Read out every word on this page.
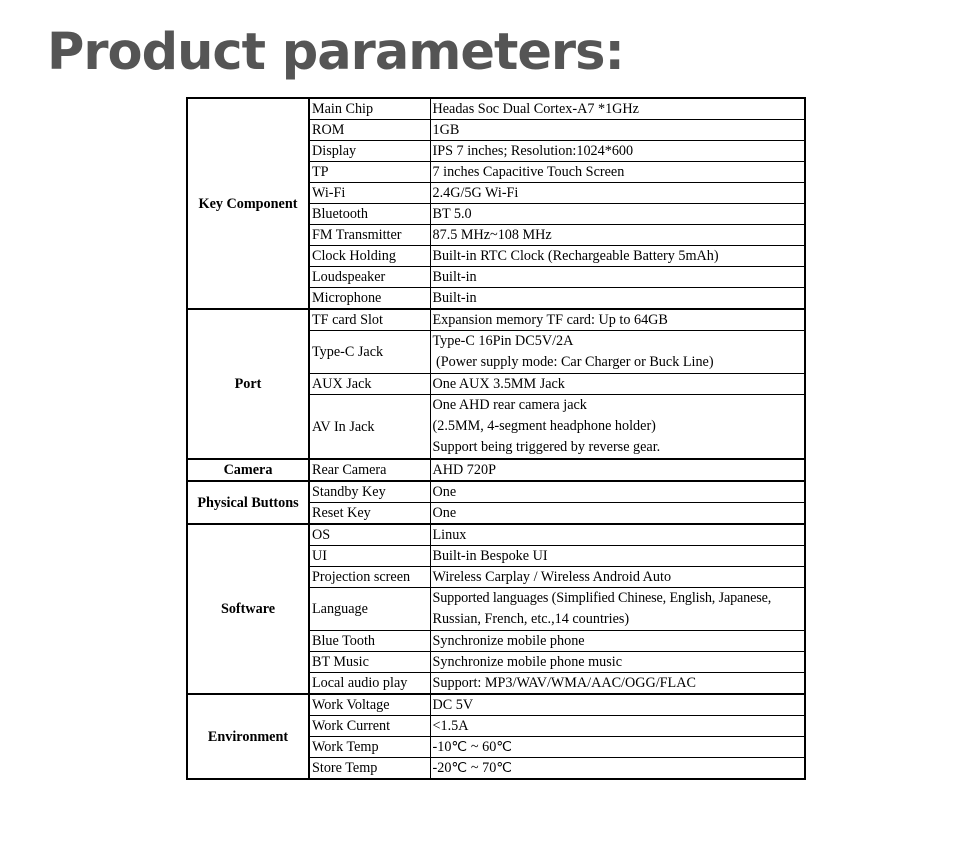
Product parameters:
Key Component	Main Chip	Headas Soc Dual Cortex-A7 *1GHz
	ROM	1GB
	Display	IPS 7 inches; Resolution:1024*600
	TP	7 inches Capacitive Touch Screen
	Wi-Fi	2.4G/5G Wi-Fi
	Bluetooth	BT 5.0
	FM Transmitter	87.5 MHz~108 MHz
	Clock Holding	Built-in RTC Clock (Rechargeable Battery 5mAh)
	Loudspeaker	Built-in
	Microphone	Built-in
Port	TF card Slot	Expansion memory TF card: Up to 64GB
	Type-C Jack	Type-C 16Pin DC5V/2A
(Power supply mode: Car Charger or Buck Line)

	AUX Jack	One AUX 3.5MM Jack
	AV In Jack	One AHD rear camera jack
(2.5MM, 4-segment headphone holder)
Support being triggered by reverse gear.

Camera	Rear Camera	AHD 720P
Physical Buttons	Standby Key	One
	Reset Key	One
Software	OS	Linux
	UI	Built-in Bespoke UI
	Projection screen	Wireless Carplay / Wireless Android Auto
	Language	Supported languages (Simplified Chinese, English, Japanese,
Russian, French, etc.,14 countries)

	Blue Tooth	Synchronize mobile phone
	BT Music	Synchronize mobile phone music
	Local audio play	Support: MP3/WAV/WMA/AAC/OGG/FLAC
Environment	Work Voltage	DC 5V
	Work Current	<1.5A
	Work Temp	-10℃ ~ 60℃
	Store Temp	-20℃ ~ 70℃
